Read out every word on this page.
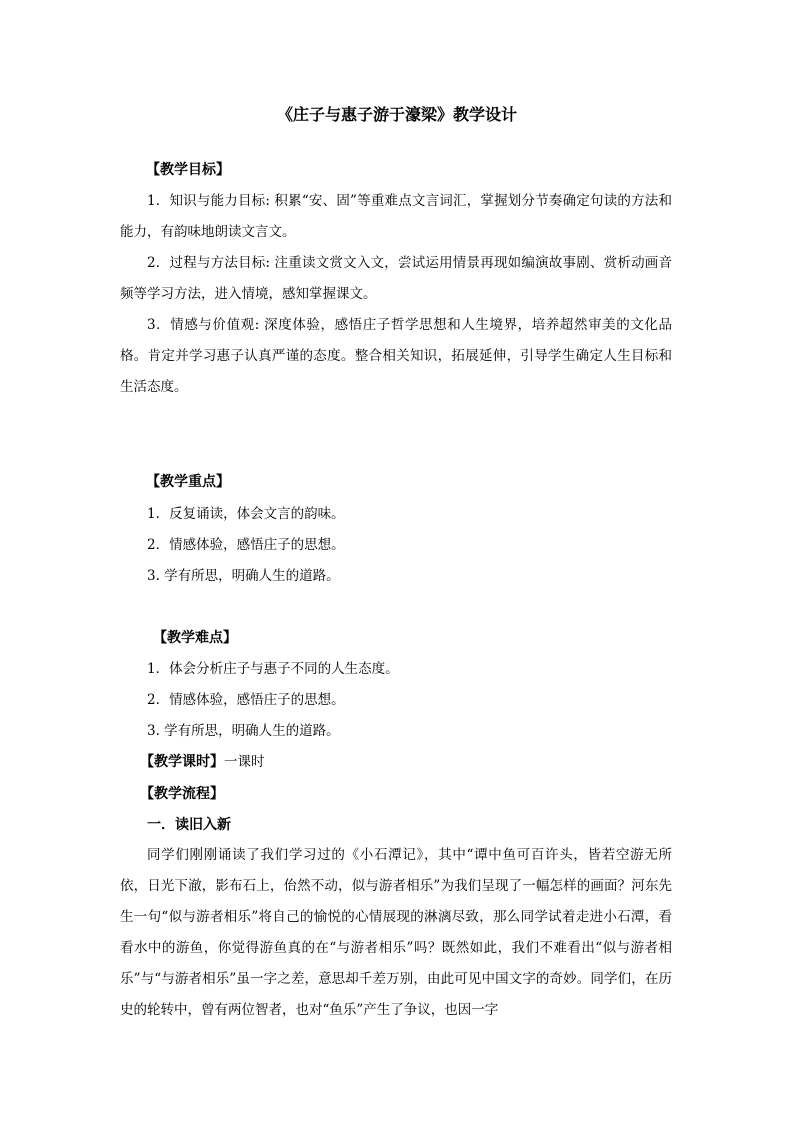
《庄子与惠子游于濠梁》教学设计
【教学目标】

1．知识与能力目标: 积累“安、固”等重难点文言词汇，掌握划分节奏确定句读的方法和能力，有韵味地朗读文言文。

2．过程与方法目标: 注重读文赏文入文，尝试运用情景再现如编演故事剧、赏析动画音频等学习方法，进入情境，感知掌握课文。

3．情感与价值观: 深度体验，感悟庄子哲学思想和人生境界，培养超然审美的文化品格。肯定并学习惠子认真严谨的态度。整合相关知识，拓展延伸，引导学生确定人生目标和生活态度。

【教学重点】
1．反复诵读，体会文言的韵味。
2．情感体验，感悟庄子的思想。
3. 学有所思，明确人生的道路。
【教学难点】
1．体会分析庄子与惠子不同的人生态度。
2．情感体验，感悟庄子的思想。
3. 学有所思，明确人生的道路。
【教学课时】一课时
【教学流程】
一．读旧入新

同学们刚刚诵读了我们学习过的《小石潭记》，其中“谭中鱼可百许头，皆若空游无所依，日光下澈，影布石上，佁然不动，似与游者相乐”为我们呈现了一幅怎样的画面？河东先生一句“似与游者相乐”将自己的愉悦的心情展现的淋漓尽致，那么同学试着走进小石潭，看看水中的游鱼，你觉得游鱼真的在“与游者相乐”吗？既然如此，我们不难看出“似与游者相乐”与“与游者相乐”虽一字之差，意思却千差万别，由此可见中国文字的奇妙。同学们，在历史的轮转中，曾有两位智者，也对“鱼乐”产生了争议，也因一字
